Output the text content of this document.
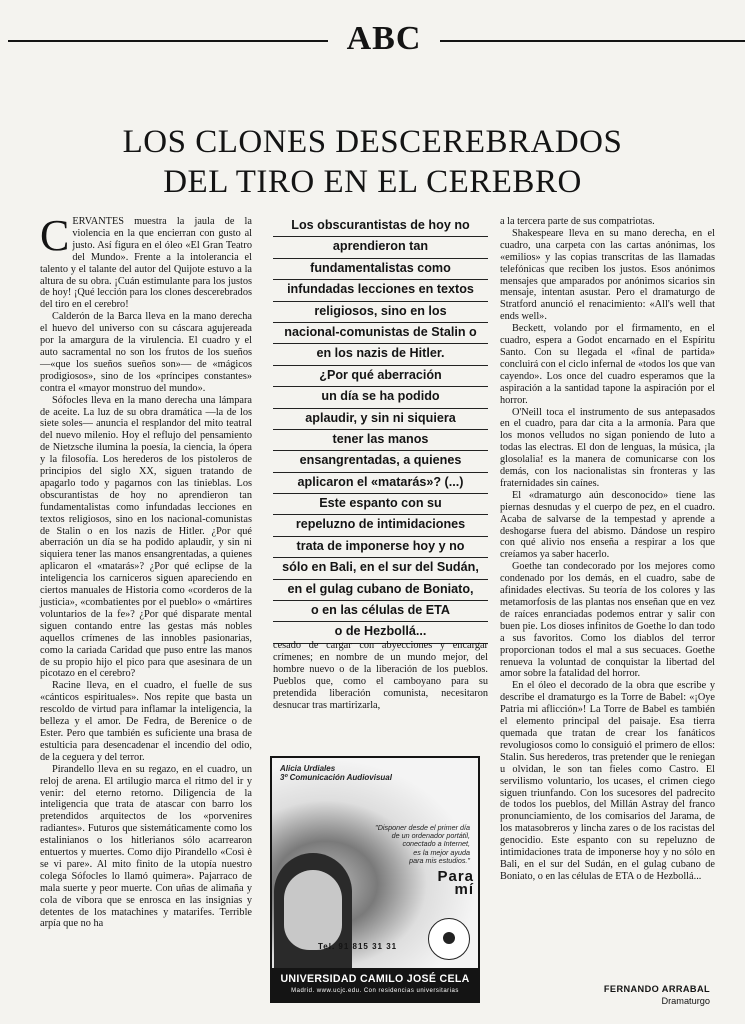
ABC
LOS CLONES DESCEREBRADOS
DEL TIRO EN EL CEREBRO

CERVANTES muestra la jaula de la violencia en la que encierran con gusto al justo. Así figura en el óleo «El Gran Teatro del Mundo». Frente a la intolerancia el talento y el talante del autor del Quijote estuvo a la altura de su obra. ¡Cuán estimulante para los justos de hoy! ¡Qué lección para los clones descerebrados del tiro en el cerebro!

Calderón de la Barca lleva en la mano derecha el huevo del universo con su cáscara agujereada por la amargura de la virulencia. El cuadro y el auto sacramental no son los frutos de los sueños —«que los sueños sueños son»— de «mágicos prodigiosos», sino de los «príncipes constantes» contra el «mayor monstruo del mundo».

Sófocles lleva en la mano derecha una lámpara de aceite. La luz de su obra dramática —la de los siete soles— anuncia el resplandor del mito teatral del nuevo milenio. Hoy el reflujo del pensamiento de Nietzsche ilumina la poesía, la ciencia, la ópera y la filosofía. Los herederos de los pistoleros de principios del siglo XX, siguen tratando de apagarlo todo y pagarnos con las tinieblas. Los obscurantistas de hoy no aprendieron tan fundamentalistas como infundadas lecciones en textos religiosos, sino en los nacional-comunistas de Stalin o en los nazis de Hitler. ¿Por qué aberración un día se ha podido aplaudir, y sin ni siquiera tener las manos ensangrentadas, a quienes aplicaron el «matarás»? ¿Por qué eclipse de la inteligencia los carniceros siguen apareciendo en ciertos manuales de Historia como «corderos de la justicia», «combatientes por el pueblo» o «mártires voluntarios de la fe»? ¿Por qué disparate mental siguen contando entre las gestas más nobles aquellos crímenes de las innobles pasionarias, como la cariada Caridad que puso entre las manos de su propio hijo el pico para que asesinara de un picotazo en el cerebro?

Racine lleva, en el cuadro, el fuelle de sus «cánticos espirituales». Nos repite que basta un rescoldo de virtud para inflamar la inteligencia, la belleza y el amor. De Fedra, de Berenice o de Ester. Pero que también es suficiente una brasa de estulticia para desencadenar el incendio del odio, de la ceguera y del terror.

Pirandello lleva en su regazo, en el cuadro, un reloj de arena. El artilugio marca el ritmo del ir y venir: del eterno retorno. Diligencia de la inteligencia que trata de atascar con barro los pretendidos arquitectos de los «porvenires radiantes». Futuros que sistemáticamente como los estalinianos o los hitlerianos sólo acarrearon entuertos y muertes. Como dijo Pirandello «Così è se vi pare». Al mito finito de la utopía nuestro colega Sófocles lo llamó quimera». Pajarraco de mala suerte y peor muerte. Con uñas de alimaña y cola de víbora que se enrosca en las insignias y detentes de los matachines y matarifes. Terrible arpía que no ha

Los obscurantistas de hoy no
aprendieron tan
fundamentalistas como
infundadas lecciones en textos
religiosos, sino en los
nacional-comunistas de Stalin o
en los nazis de Hitler.
¿Por qué aberración
un día se ha podido
aplaudir, y sin ni siquiera
tener las manos
ensangrentadas, a quienes
aplicaron el «matarás»? (...)
Este espanto con su
repeluzno de intimidaciones
trata de imponerse hoy y no
sólo en Bali, en el sur del Sudán,
en el gulag cubano de Boniato,
o en las células de ETA
o de Hezbollá...

cesado de cargar con abyecciones y encargar crímenes; en nombre de un mundo mejor, del hombre nuevo o de la liberación de los pueblos. Pueblos que, como el camboyano para su pretendida liberación comunista, necesitaron desnucar tras martirizarla,

Alicia Urdiales
3º Comunicación Audiovisual
"Disponer desde el primer día
de un ordenador portátil,
conectado a Internet,
es la mejor ayuda
para mis estudios."
Para
mí
Tel. 91 815 31 31
UNIVERSIDAD CAMILO JOSÉ CELA
Madrid. www.ucjc.edu. Con residencias universitarias

a la tercera parte de sus compatriotas.

Shakespeare lleva en su mano derecha, en el cuadro, una carpeta con las cartas anónimas, los «emilios» y las copias transcritas de las llamadas telefónicas que reciben los justos. Esos anónimos mensajes que amparados por anónimos sicarios sin mensaje, intentan asustar. Pero el dramaturgo de Stratford anunció el renacimiento: «All's well that ends well».

Beckett, volando por el firmamento, en el cuadro, espera a Godot encarnado en el Espíritu Santo. Con su llegada el «final de partida» concluirá con el ciclo infernal de «todos los que van cayendo». Los once del cuadro esperamos que la aspiración a la santidad tapone la aspiración por el horror.

O'Neill toca el instrumento de sus antepasados en el cuadro, para dar cita a la armonía. Para que los monos velludos no sigan poniendo de luto a todas las electras. El don de lenguas, la música, ¡la glosolalia! es la manera de comunicarse con los demás, con los nacionalistas sin fronteras y las fraternidades sin caínes.

El «dramaturgo aún desconocido» tiene las piernas desnudas y el cuerpo de pez, en el cuadro. Acaba de salvarse de la tempestad y aprende a deshogarse fuera del abismo. Dándose un respiro con qué alivio nos enseña a respirar a los que creíamos ya saber hacerlo.

Goethe tan condecorado por los mejores como condenado por los demás, en el cuadro, sabe de afinidades electivas. Su teoría de los colores y las metamorfosis de las plantas nos enseñan que en vez de raíces enranciadas podemos entrar y salir con buen pie. Los dioses infinitos de Goethe lo dan todo a sus favoritos. Como los diablos del terror proporcionan todos el mal a sus secuaces. Goethe renueva la voluntad de conquistar la libertad del amor sobre la fatalidad del horror.

En el óleo el decorado de la obra que escribe y describe el dramaturgo es la Torre de Babel: «¡Oye Patria mi aflicción»! La Torre de Babel es también el elemento principal del paisaje. Esa tierra quemada que tratan de crear los fanáticos revolugiosos como lo consiguió el primero de ellos: Stalin. Sus herederos, tras pretender que le reniegan u olvidan, le son tan fieles como Castro. El servilismo voluntario, los ucases, el crimen ciego siguen triunfando. Con los sucesores del padrecito de todos los pueblos, del Millán Astray del franco pronunciamiento, de los comisarios del Jarama, de los matasobreros y lincha zares o de los racistas del genocidio. Este espanto con su repeluzno de intimidaciones trata de imponerse hoy y no sólo en Bali, en el sur del Sudán, en el gulag cubano de Boniato, o en las células de ETA o de Hezbollá...

FERNANDO ARRABAL
Dramaturgo
